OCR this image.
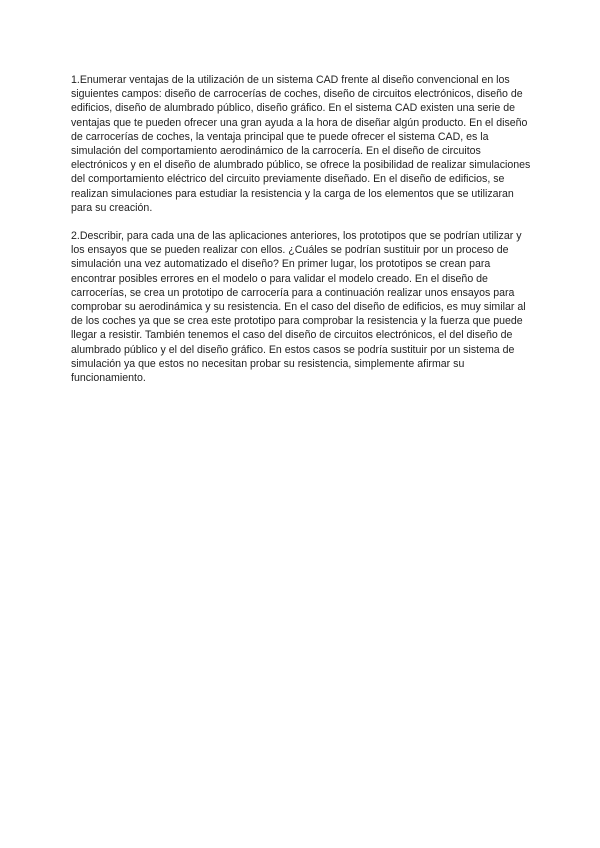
1.Enumerar ventajas de la utilización de un sistema CAD frente al diseño convencional en los siguientes campos: diseño de carrocerías de coches, diseño de circuitos electrónicos, diseño de edificios, diseño de alumbrado público, diseño gráfico. En el sistema CAD existen una serie de ventajas que te pueden ofrecer una gran ayuda a la hora de diseñar algún producto. En el diseño de carrocerías de coches, la ventaja principal que te puede ofrecer el sistema CAD, es la simulación del comportamiento aerodinámico de la carrocería. En el diseño de circuitos electrónicos y en el diseño de alumbrado público, se ofrece la posibilidad de realizar simulaciones del comportamiento eléctrico del circuito previamente diseñado. En el diseño de edificios, se realizan simulaciones para estudiar la resistencia y la carga de los elementos que se utilizaran para su creación.

2.Describir, para cada una de las aplicaciones anteriores, los prototipos que se podrían utilizar y los ensayos que se pueden realizar con ellos. ¿Cuáles se podrían sustituir por un proceso de simulación una vez automatizado el diseño? En primer lugar, los prototipos se crean para encontrar posibles errores en el modelo o para validar el modelo creado. En el diseño de carrocerías, se crea un prototipo de carrocería para a continuación realizar unos ensayos para comprobar su aerodinámica y su resistencia. En el caso del diseño de edificios, es muy similar al de los coches ya que se crea este prototipo para comprobar la resistencia y la fuerza que puede llegar a resistir. También tenemos el caso del diseño de circuitos electrónicos, el del diseño de alumbrado público y el del diseño gráfico. En estos casos se podría sustituir por un sistema de simulación ya que estos no necesitan probar su resistencia, simplemente afirmar su funcionamiento.
